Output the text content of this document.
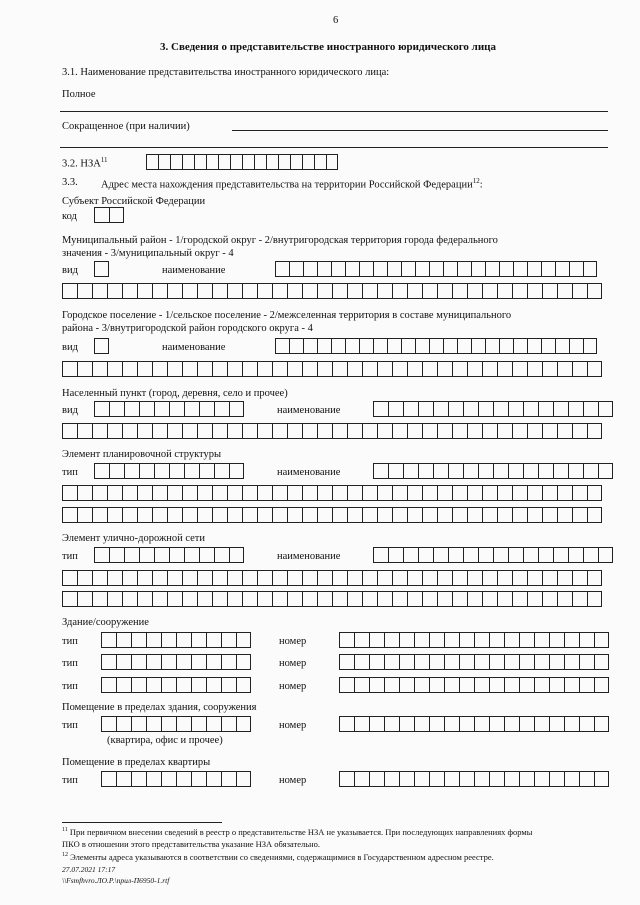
6
3. Сведения о представительстве иностранного юридического лица
3.1. Наименование представительства иностранного юридического лица:
Полное
Сокращенное (при наличии)
3.2. НЗА$^{11}$
3.3. Адрес места нахождения представительства на территории Российской Федерации$^{12}$:
Субъект Российской Федерации
код
Муниципальный район - 1/городской округ - 2/внутригородская территория города федерального
значения - 3/муниципальный округ - 4
вид	наименование
Городское поселение - 1/сельское поселение - 2/межселенная территория в составе муниципального
района - 3/внутригородской район городского округа - 4
вид	наименование
Населенный пункт (город, деревня, село и прочее)
вид	наименование
Элемент планировочной структуры
тип	наименование
Элемент улично-дорожной сети
тип	наименование
Здание/сооружение
тип	номер
тип	номер
тип	номер
Помещение в пределах здания, сооружения
тип	номер
(квартира, офис и прочее)
Помещение в пределах квартиры
тип	номер
$^{11}$ При первичном внесении сведений в реестр о представительстве НЗА не указывается. При последующих направлениях формы
ПКО в отношении этого представительства указание НЗА обязательно.
$^{12}$ Элементы адреса указываются в соответствии со сведениями, содержащимися в Государственном адресном реестре.
27.07.2021 17:17
\\Fsmfhvro.ЛО.Р.\прил-П6950-1.rtf
